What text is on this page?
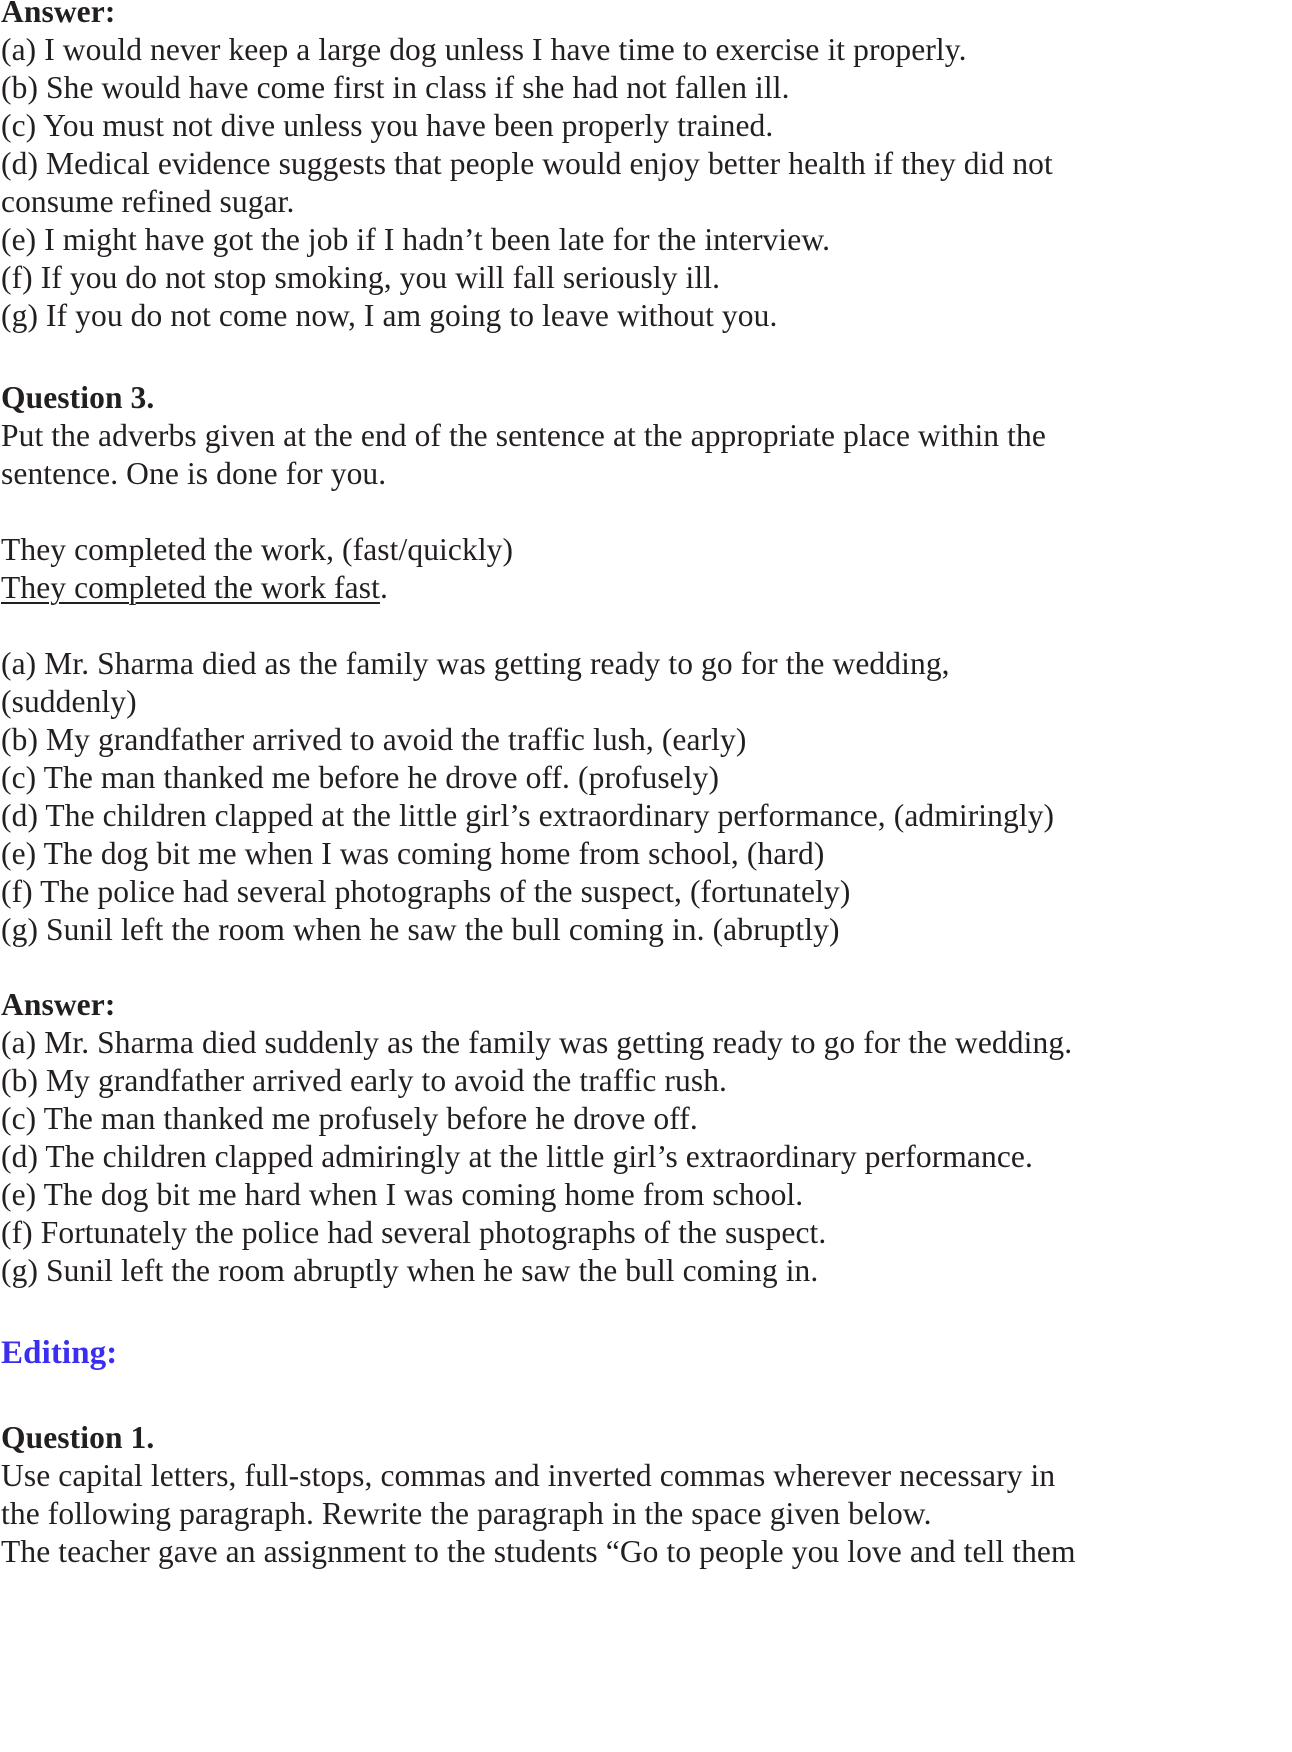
Answer:
(a) I would never keep a large dog unless I have time to exercise it properly.
(b) She would have come first in class if she had not fallen ill.
(c) You must not dive unless you have been properly trained.
(d) Medical evidence suggests that people would enjoy better health if they did not
consume refined sugar.
(e) I might have got the job if I hadn’t been late for the interview.
(f) If you do not stop smoking, you will fall seriously ill.
(g) If you do not come now, I am going to leave without you.
Question 3.
Put the adverbs given at the end of the sentence at the appropriate place within the
sentence. One is done for you.
They completed the work, (fast/quickly)
They completed the work fast.
(a) Mr. Sharma died as the family was getting ready to go for the wedding,
(suddenly)
(b) My grandfather arrived to avoid the traffic lush, (early)
(c) The man thanked me before he drove off. (profusely)
(d) The children clapped at the little girl’s extraordinary performance, (admiringly)
(e) The dog bit me when I was coming home from school, (hard)
(f) The police had several photographs of the suspect, (fortunately)
(g) Sunil left the room when he saw the bull coming in. (abruptly)
Answer:
(a) Mr. Sharma died suddenly as the family was getting ready to go for the wedding.
(b) My grandfather arrived early to avoid the traffic rush.
(c) The man thanked me profusely before he drove off.
(d) The children clapped admiringly at the little girl’s extraordinary performance.
(e) The dog bit me hard when I was coming home from school.
(f) Fortunately the police had several photographs of the suspect.
(g) Sunil left the room abruptly when he saw the bull coming in.
Editing:
Question 1.
Use capital letters, full-stops, commas and inverted commas wherever necessary in
the following paragraph. Rewrite the paragraph in the space given below.
The teacher gave an assignment to the students “Go to people you love and tell them
